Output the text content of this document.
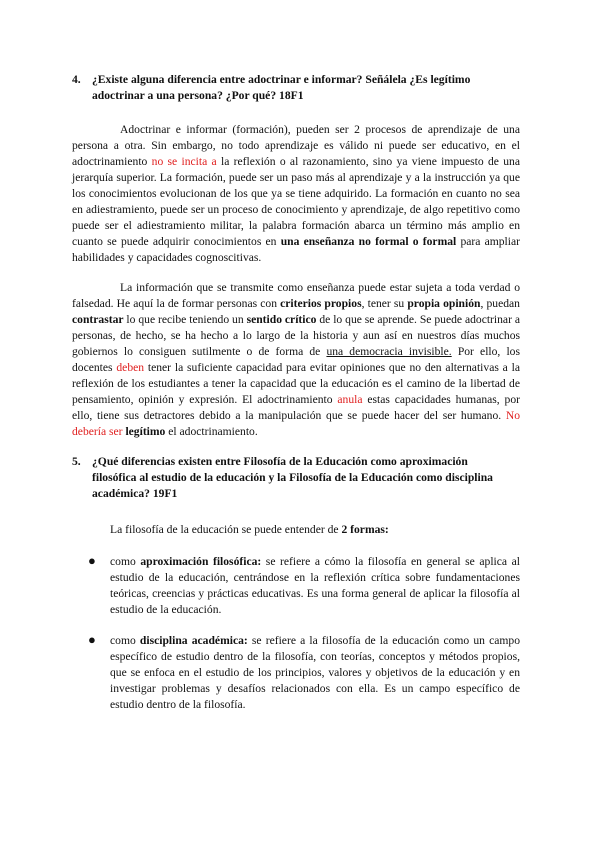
4. ¿Existe alguna diferencia entre adoctrinar e informar? Señálela ¿Es legítimo
adoctrinar a una persona? ¿Por qué? 18F1

Adoctrinar e informar (formación), pueden ser 2 procesos de aprendizaje de una persona a otra. Sin embargo, no todo aprendizaje es válido ni puede ser educativo, en el adoctrinamiento no se incita a la reflexión o al razonamiento, sino ya viene impuesto de una jerarquía superior. La formación, puede ser un paso más al aprendizaje y a la instrucción ya que los conocimientos evolucionan de los que ya se tiene adquirido. La formación en cuanto no sea en adiestramiento, puede ser un proceso de conocimiento y aprendizaje, de algo repetitivo como puede ser el adiestramiento militar, la palabra formación abarca un término más amplio en cuanto se puede adquirir conocimientos en una enseñanza no formal o formal para ampliar habilidades y capacidades cognoscitivas.

La información que se transmite como enseñanza puede estar sujeta a toda verdad o falsedad. He aquí la de formar personas con criterios propios, tener su propia opinión, puedan contrastar lo que recibe teniendo un sentido crítico de lo que se aprende. Se puede adoctrinar a personas, de hecho, se ha hecho a lo largo de la historia y aun así en nuestros días muchos gobiernos lo consiguen sutilmente o de forma de una democracia invisible. Por ello, los docentes deben tener la suficiente capacidad para evitar opiniones que no den alternativas a la reflexión de los estudiantes a tener la capacidad que la educación es el camino de la libertad de pensamiento, opinión y expresión. El adoctrinamiento anula estas capacidades humanas, por ello, tiene sus detractores debido a la manipulación que se puede hacer del ser humano. No debería ser legítimo el adoctrinamiento.

5. ¿Qué diferencias existen entre Filosofía de la Educación como aproximación
filosófica al estudio de la educación y la Filosofía de la Educación como disciplina
académica? 19F1
La filosofía de la educación se puede entender de 2 formas:
● como aproximación filosófica: se refiere a cómo la filosofía en general se aplica al estudio de la educación, centrándose en la reflexión crítica sobre fundamentaciones teóricas, creencias y prácticas educativas. Es una forma general de aplicar la filosofía al estudio de la educación.
● como disciplina académica: se refiere a la filosofía de la educación como un campo específico de estudio dentro de la filosofía, con teorías, conceptos y métodos propios, que se enfoca en el estudio de los principios, valores y objetivos de la educación y en investigar problemas y desafíos relacionados con ella. Es un campo específico de estudio dentro de la filosofía.
